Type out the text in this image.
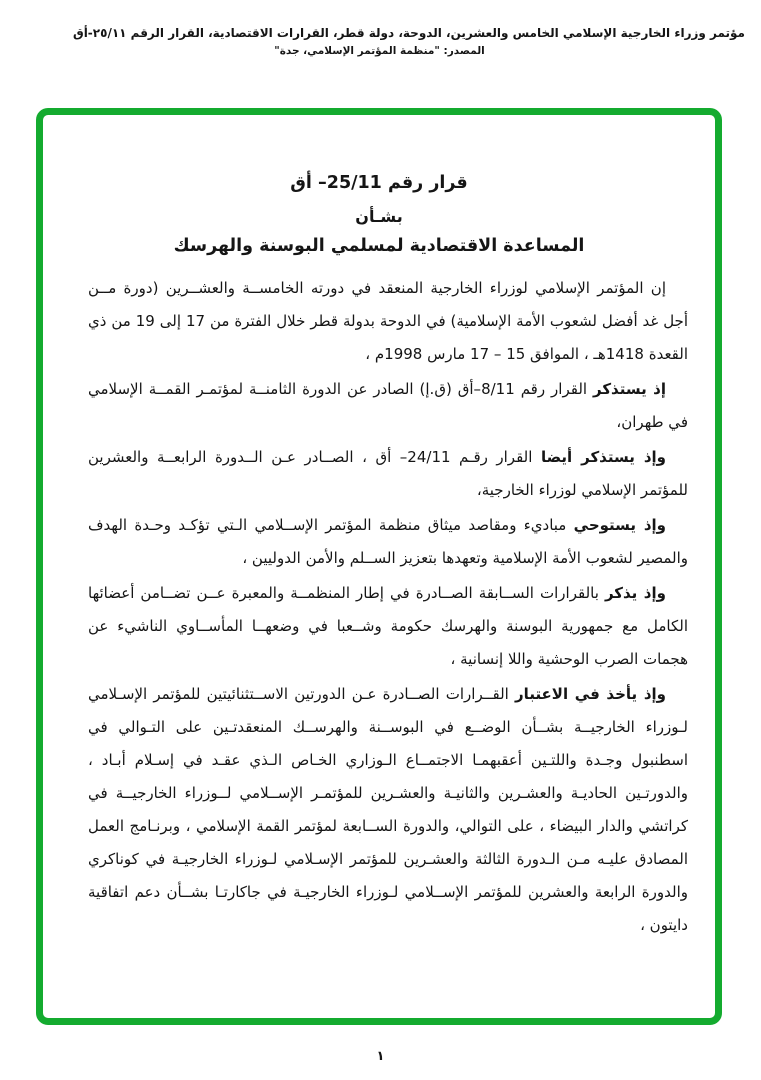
مؤتمر وزراء الخارجية الإسلامي الخامس والعشرين، الدوحة، دولة قطر، القرارات الاقتصادية، القرار الرقم ٢٥/١١-أق
المصدر: "منظمة المؤتمر الإسلامي، جدة"
قرار رقم 25/11– أق
بشـأن
المساعدة الاقتصادية لمسلمي البوسنة والهرسك

إن المؤتمر الإسلامي لوزراء الخارجية المنعقد في دورته الخامســة والعشــرين (دورة مــن أجل غد أفضل لشعوب الأمة الإسلامية) في الدوحة بدولة قطر خلال الفترة من 17 إلى 19 من ذي القعدة 1418هـ ، الموافق 15 – 17 مارس 1998م ،

إذ يستذكر القرار رقم 8/11–أق (ق.إ) الصادر عن الدورة الثامنــة لمؤتمـر القمــة الإسلامي في طهران،

وإذ يستذكر أيضا القرار رقـم 24/11– أق ، الصــادر عـن الــدورة الرابعــة والعشرين للمؤتمر الإسلامي لوزراء الخارجية،

وإذ يستوحي مباديء ومقاصد ميثاق منظمة المؤتمر الإســلامي الـتي تؤكـد وحـدة الهدف والمصير لشعوب الأمة الإسلامية وتعهدها بتعزيز الســلم والأمن الدوليين ،

وإذ يذكر بالقرارات الســابقة الصــادرة في إطار المنظمــة والمعبرة عــن تضــامن أعضائها الكامل مع جمهورية البوسنة والهرسك حكومة وشــعبا في وضعهــا المأســاوي الناشيء عن هجمات الصرب الوحشية واللا إنسانية ،

وإذ يأخذ في الاعتبار القــرارات الصــادرة عـن الدورتين الاســتثنائيتين للمؤتمر الإسـلامي لـوزراء الخارجيــة بشــأن الوضــع في البوســنة والهرســك المنعقدتـين على التـوالي في اسطنبول وجـدة واللتـين أعقبهمـا الاجتمــاع الـوزاري الخـاص الـذي عقـد في إسـلام أبـاد ، والدورتـين الحاديـة والعشـرين والثانيـة والعشـرين للمؤتمـر الإســلامي لــوزراء الخارجيــة في كراتشي والدار البيضاء ، على التوالي، والدورة الســابعة لمؤتمر القمة الإسلامي ، وبرنـامج العمل المصادق عليـه مـن الـدورة الثالثة والعشـرين للمؤتمر الإسـلامي لـوزراء الخارجيـة في كوناكري والدورة الرابعة والعشرين للمؤتمر الإســلامي لـوزراء الخارجيـة في جاكارتـا بشــأن دعم اتفاقية دايتون ،

١
